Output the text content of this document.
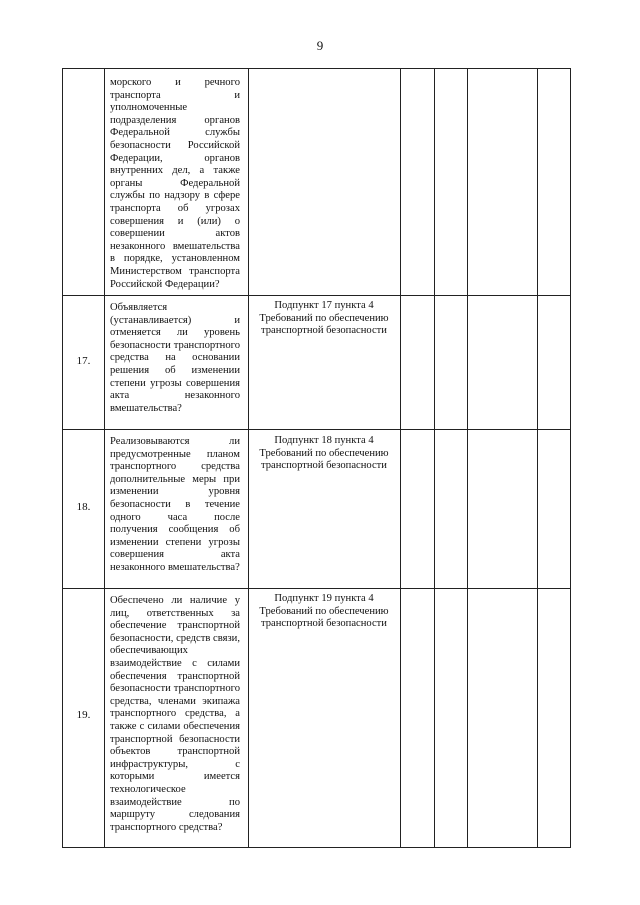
9
морского и речного транспорта и уполномоченные подразделения органов Федеральной службы безопасности Российской Федерации, органов внутренних дел, а также органы Федеральной службы по надзору в сфере транспорта об угрозах совершения и (или) о совершении актов незаконного вмешательства в порядке, установленном Министерством транспорта Российской Федерации?
17.
Объявляется (устанавливается) и отменяется ли уровень безопасности транспортного средства на основании решения об изменении степени угрозы совершения акта незаконного вмешательства?
Подпункт 17 пункта 4 Требований по обеспечению транспортной безопасности
18.
Реализовываются ли предусмотренные планом транспортного средства дополнительные меры при изменении уровня безопасности в течение одного часа после получения сообщения об изменении степени угрозы совершения акта незаконного вмешательства?
Подпункт 18 пункта 4 Требований по обеспечению транспортной безопасности
19.
Обеспечено ли наличие у лиц, ответственных за обеспечение транспортной безопасности, средств связи, обеспечивающих взаимодействие с силами обеспечения транспортной безопасности транспортного средства, членами экипажа транспортного средства, а также с силами обеспечения транспортной безопасности объектов транспортной инфраструктуры, с которыми имеется технологическое взаимодействие по маршруту следования транспортного средства?
Подпункт 19 пункта 4 Требований по обеспечению транспортной безопасности
